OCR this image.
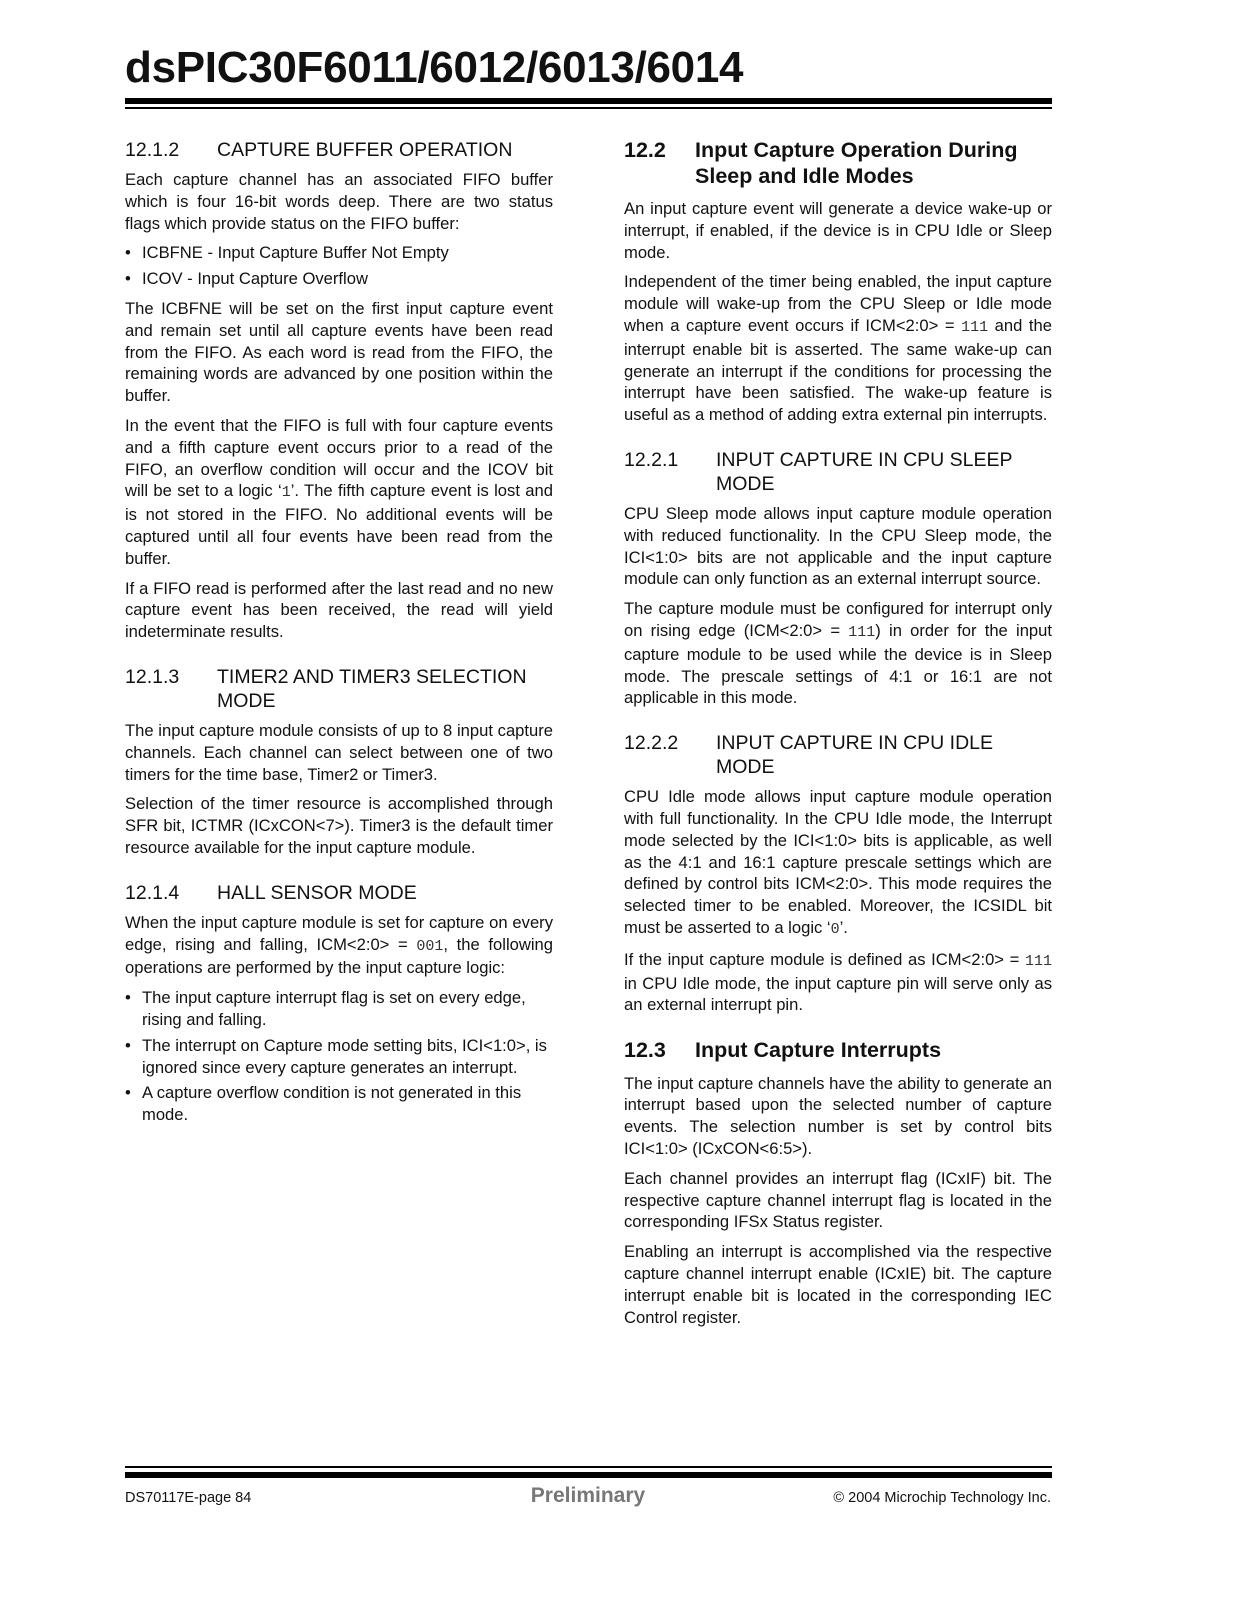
dsPIC30F6011/6012/6013/6014
12.1.2	CAPTURE BUFFER OPERATION

Each capture channel has an associated FIFO buffer which is four 16-bit words deep. There are two status flags which provide status on the FIFO buffer:

• ICBFNE - Input Capture Buffer Not Empty
• ICOV - Input Capture Overflow

The ICBFNE will be set on the first input capture event and remain set until all capture events have been read from the FIFO. As each word is read from the FIFO, the remaining words are advanced by one position within the buffer.

In the event that the FIFO is full with four capture events and a fifth capture event occurs prior to a read of the FIFO, an overflow condition will occur and the ICOV bit will be set to a logic ‘1’. The fifth capture event is lost and is not stored in the FIFO. No additional events will be captured until all four events have been read from the buffer.

If a FIFO read is performed after the last read and no new capture event has been received, the read will yield indeterminate results.

12.1.3	TIMER2 AND TIMER3 SELECTION MODE

The input capture module consists of up to 8 input capture channels. Each channel can select between one of two timers for the time base, Timer2 or Timer3.

Selection of the timer resource is accomplished through SFR bit, ICTMR (ICxCON<7>). Timer3 is the default timer resource available for the input capture module.

12.1.4	HALL SENSOR MODE

When the input capture module is set for capture on every edge, rising and falling, ICM<2:0> = 001, the following operations are performed by the input capture logic:

• The input capture interrupt flag is set on every edge, rising and falling.
• The interrupt on Capture mode setting bits, ICI<1:0>, is ignored since every capture generates an interrupt.
• A capture overflow condition is not generated in this mode.
12.2	Input Capture Operation During Sleep and Idle Modes

An input capture event will generate a device wake-up or interrupt, if enabled, if the device is in CPU Idle or Sleep mode.

Independent of the timer being enabled, the input capture module will wake-up from the CPU Sleep or Idle mode when a capture event occurs if ICM<2:0> = 111 and the interrupt enable bit is asserted. The same wake-up can generate an interrupt if the conditions for processing the interrupt have been satisfied. The wake-up feature is useful as a method of adding extra external pin interrupts.

12.2.1	INPUT CAPTURE IN CPU SLEEP MODE

CPU Sleep mode allows input capture module operation with reduced functionality. In the CPU Sleep mode, the ICI<1:0> bits are not applicable and the input capture module can only function as an external interrupt source.

The capture module must be configured for interrupt only on rising edge (ICM<2:0> = 111) in order for the input capture module to be used while the device is in Sleep mode. The prescale settings of 4:1 or 16:1 are not applicable in this mode.

12.2.2	INPUT CAPTURE IN CPU IDLE MODE

CPU Idle mode allows input capture module operation with full functionality. In the CPU Idle mode, the Interrupt mode selected by the ICI<1:0> bits is applicable, as well as the 4:1 and 16:1 capture prescale settings which are defined by control bits ICM<2:0>. This mode requires the selected timer to be enabled. Moreover, the ICSIDL bit must be asserted to a logic ‘0’.

If the input capture module is defined as ICM<2:0> = 111 in CPU Idle mode, the input capture pin will serve only as an external interrupt pin.

12.3	Input Capture Interrupts

The input capture channels have the ability to generate an interrupt based upon the selected number of capture events. The selection number is set by control bits ICI<1:0> (ICxCON<6:5>).

Each channel provides an interrupt flag (ICxIF) bit. The respective capture channel interrupt flag is located in the corresponding IFSx Status register.

Enabling an interrupt is accomplished via the respective capture channel interrupt enable (ICxIE) bit. The capture interrupt enable bit is located in the corresponding IEC Control register.

DS70117E-page 84	Preliminary	© 2004 Microchip Technology Inc.
